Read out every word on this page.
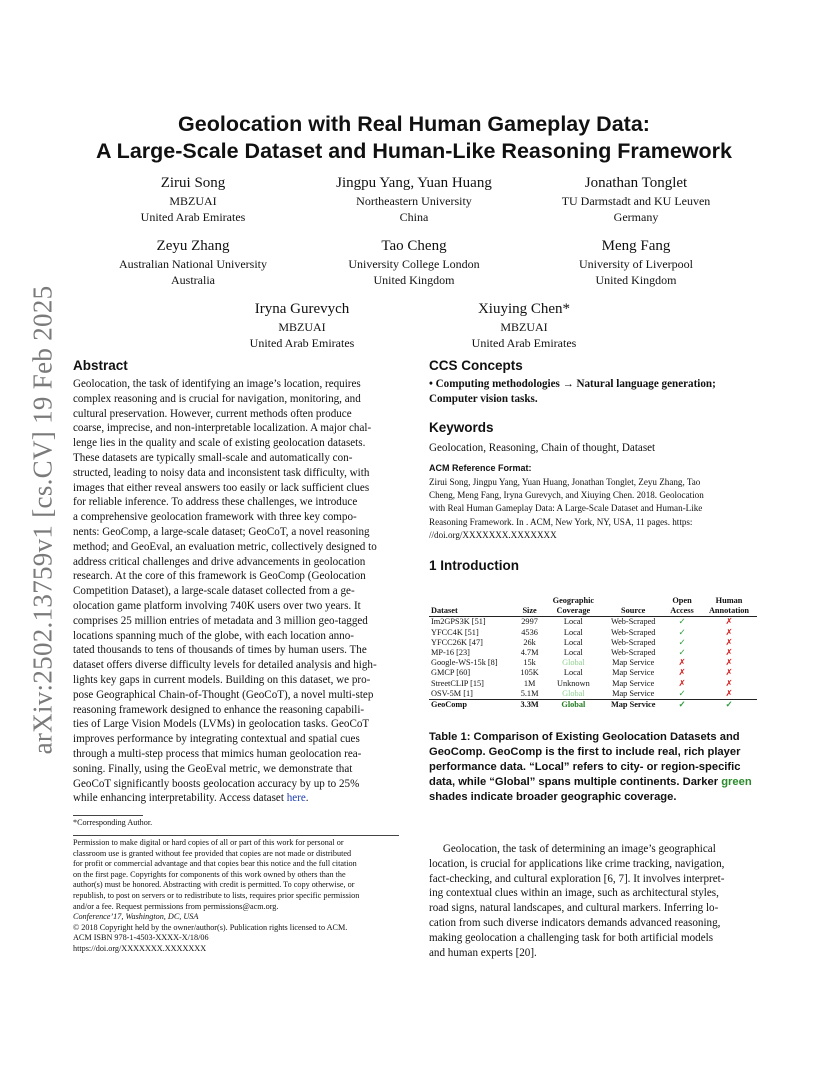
arXiv:2502.13759v1 [cs.CV] 19 Feb 2025
Geolocation with Real Human Gameplay Data:
A Large-Scale Dataset and Human-Like Reasoning Framework
Zirui Song
MBZUAI
United Arab Emirates
Jingpu Yang, Yuan Huang
Northeastern University
China
Jonathan Tonglet
TU Darmstadt and KU Leuven
Germany
Zeyu Zhang
Australian National University
Australia
Tao Cheng
University College London
United Kingdom
Meng Fang
University of Liverpool
United Kingdom
Iryna Gurevych
MBZUAI
United Arab Emirates
Xiuying Chen*
MBZUAI
United Arab Emirates
Abstract
Geolocation, the task of identifying an image’s location, requires
complex reasoning and is crucial for navigation, monitoring, and
cultural preservation. However, current methods often produce
coarse, imprecise, and non-interpretable localization. A major chal-
lenge lies in the quality and scale of existing geolocation datasets.
These datasets are typically small-scale and automatically con-
structed, leading to noisy data and inconsistent task difficulty, with
images that either reveal answers too easily or lack sufficient clues
for reliable inference. To address these challenges, we introduce
a comprehensive geolocation framework with three key compo-
nents: GeoComp, a large-scale dataset; GeoCoT, a novel reasoning
method; and GeoEval, an evaluation metric, collectively designed to
address critical challenges and drive advancements in geolocation
research. At the core of this framework is GeoComp (Geolocation
Competition Dataset), a large-scale dataset collected from a ge-
olocation game platform involving 740K users over two years. It
comprises 25 million entries of metadata and 3 million geo-tagged
locations spanning much of the globe, with each location anno-
tated thousands to tens of thousands of times by human users. The
dataset offers diverse difficulty levels for detailed analysis and high-
lights key gaps in current models. Building on this dataset, we pro-
pose Geographical Chain-of-Thought (GeoCoT), a novel multi-step
reasoning framework designed to enhance the reasoning capabili-
ties of Large Vision Models (LVMs) in geolocation tasks. GeoCoT
improves performance by integrating contextual and spatial cues
through a multi-step process that mimics human geolocation rea-
soning. Finally, using the GeoEval metric, we demonstrate that
GeoCoT significantly boosts geolocation accuracy by up to 25%
while enhancing interpretability. Access dataset here.
*Corresponding Author.
Permission to make digital or hard copies of all or part of this work for personal or
classroom use is granted without fee provided that copies are not made or distributed
for profit or commercial advantage and that copies bear this notice and the full citation
on the first page. Copyrights for components of this work owned by others than the
author(s) must be honored. Abstracting with credit is permitted. To copy otherwise, or
republish, to post on servers or to redistribute to lists, requires prior specific permission
and/or a fee. Request permissions from permissions@acm.org.
Conference’17, Washington, DC, USA
© 2018 Copyright held by the owner/author(s). Publication rights licensed to ACM.
ACM ISBN 978-1-4503-XXXX-X/18/06
https://doi.org/XXXXXXX.XXXXXXX
CCS Concepts
• Computing methodologies → Natural language generation;
Computer vision tasks.
Keywords
Geolocation, Reasoning, Chain of thought, Dataset
ACM Reference Format:
Zirui Song, Jingpu Yang, Yuan Huang, Jonathan Tonglet, Zeyu Zhang, Tao
Cheng, Meng Fang, Iryna Gurevych, and Xiuying Chen. 2018. Geolocation
with Real Human Gameplay Data: A Large-Scale Dataset and Human-Like
Reasoning Framework. In . ACM, New York, NY, USA, 11 pages. https:
//doi.org/XXXXXXX.XXXXXXX
1 Introduction
Dataset	Size	Geographic Coverage	Source	Open Access	Human Annotation
Im2GPS3K [51]	2997	Local	Web-Scraped	✓	✗
YFCC4K [51]	4536	Local	Web-Scraped	✓	✗
YFCC26K [47]	26k	Local	Web-Scraped	✓	✗
MP-16 [23]	4.7M	Local	Web-Scraped	✓	✗
Google-WS-15k [8]	15k	Global	Map Service	✗	✗
GMCP [60]	105K	Local	Map Service	✗	✗
StreetCLIP [15]	1M	Unknown	Map Service	✗	✗
OSV-5M [1]	5.1M	Global	Map Service	✓	✗
GeoComp	3.3M	Global	Map Service	✓	✓
Table 1: Comparison of Existing Geolocation Datasets and
GeoComp. GeoComp is the first to include real, rich player
performance data. “Local” refers to city- or region-specific
data, while “Global” spans multiple continents. Darker green
shades indicate broader geographic coverage.
Geolocation, the task of determining an image’s geographical
location, is crucial for applications like crime tracking, navigation,
fact-checking, and cultural exploration [6, 7]. It involves interpret-
ing contextual clues within an image, such as architectural styles,
road signs, natural landscapes, and cultural markers. Inferring lo-
cation from such diverse indicators demands advanced reasoning,
making geolocation a challenging task for both artificial models
and human experts [20].
